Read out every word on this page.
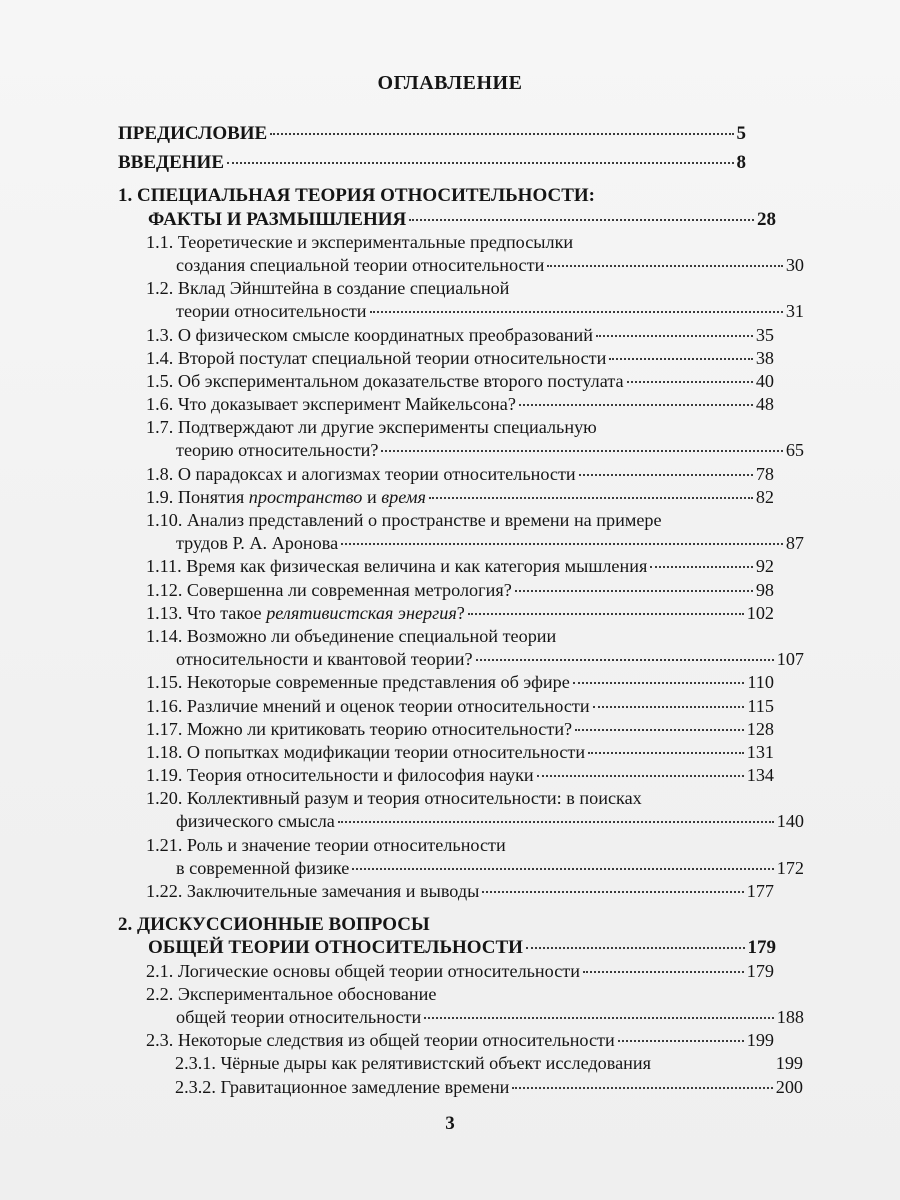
ОГЛАВЛЕНИЕ
ПРЕДИСЛОВИЕ	5
ВВЕДЕНИЕ	8
1. СПЕЦИАЛЬНАЯ ТЕОРИЯ ОТНОСИТЕЛЬНОСТИ:
ФАКТЫ И РАЗМЫШЛЕНИЯ	28
1.1. Теоретические и экспериментальные предпосылки
создания специальной теории относительности	30
1.2. Вклад Эйнштейна в создание специальной
теории относительности	31
1.3. О физическом смысле координатных преобразований	35
1.4. Второй постулат специальной теории относительности	38
1.5. Об экспериментальном доказательстве второго постулата	40
1.6. Что доказывает эксперимент Майкельсона?	48
1.7. Подтверждают ли другие эксперименты специальную
теорию относительности?	65
1.8. О парадоксах и алогизмах теории относительности	78
1.9. Понятия пространство и время	82
1.10. Анализ представлений о пространстве и времени на примере
трудов Р. А. Аронова	87
1.11. Время как физическая величина и как категория мышления	92
1.12. Совершенна ли современная метрология?	98
1.13. Что такое релятивистская энергия?	102
1.14. Возможно ли объединение специальной теории
относительности и квантовой теории?	107
1.15. Некоторые современные представления об эфире	110
1.16. Различие мнений и оценок теории относительности	115
1.17. Можно ли критиковать теорию относительности?	128
1.18. О попытках модификации теории относительности	131
1.19. Теория относительности и философия науки	134
1.20. Коллективный разум и теория относительности: в поисках
физического смысла	140
1.21. Роль и значение теории относительности
в современной физике	172
1.22. Заключительные замечания и выводы	177
2. ДИСКУССИОННЫЕ ВОПРОСЫ
ОБЩЕЙ ТЕОРИИ ОТНОСИТЕЛЬНОСТИ	179
2.1. Логические основы общей теории относительности	179
2.2. Экспериментальное обоснование
общей теории относительности	188
2.3. Некоторые следствия из общей теории относительности	199
2.3.1. Чёрные дыры как релятивистский объект исследования	199
2.3.2. Гравитационное замедление времени	200
3
